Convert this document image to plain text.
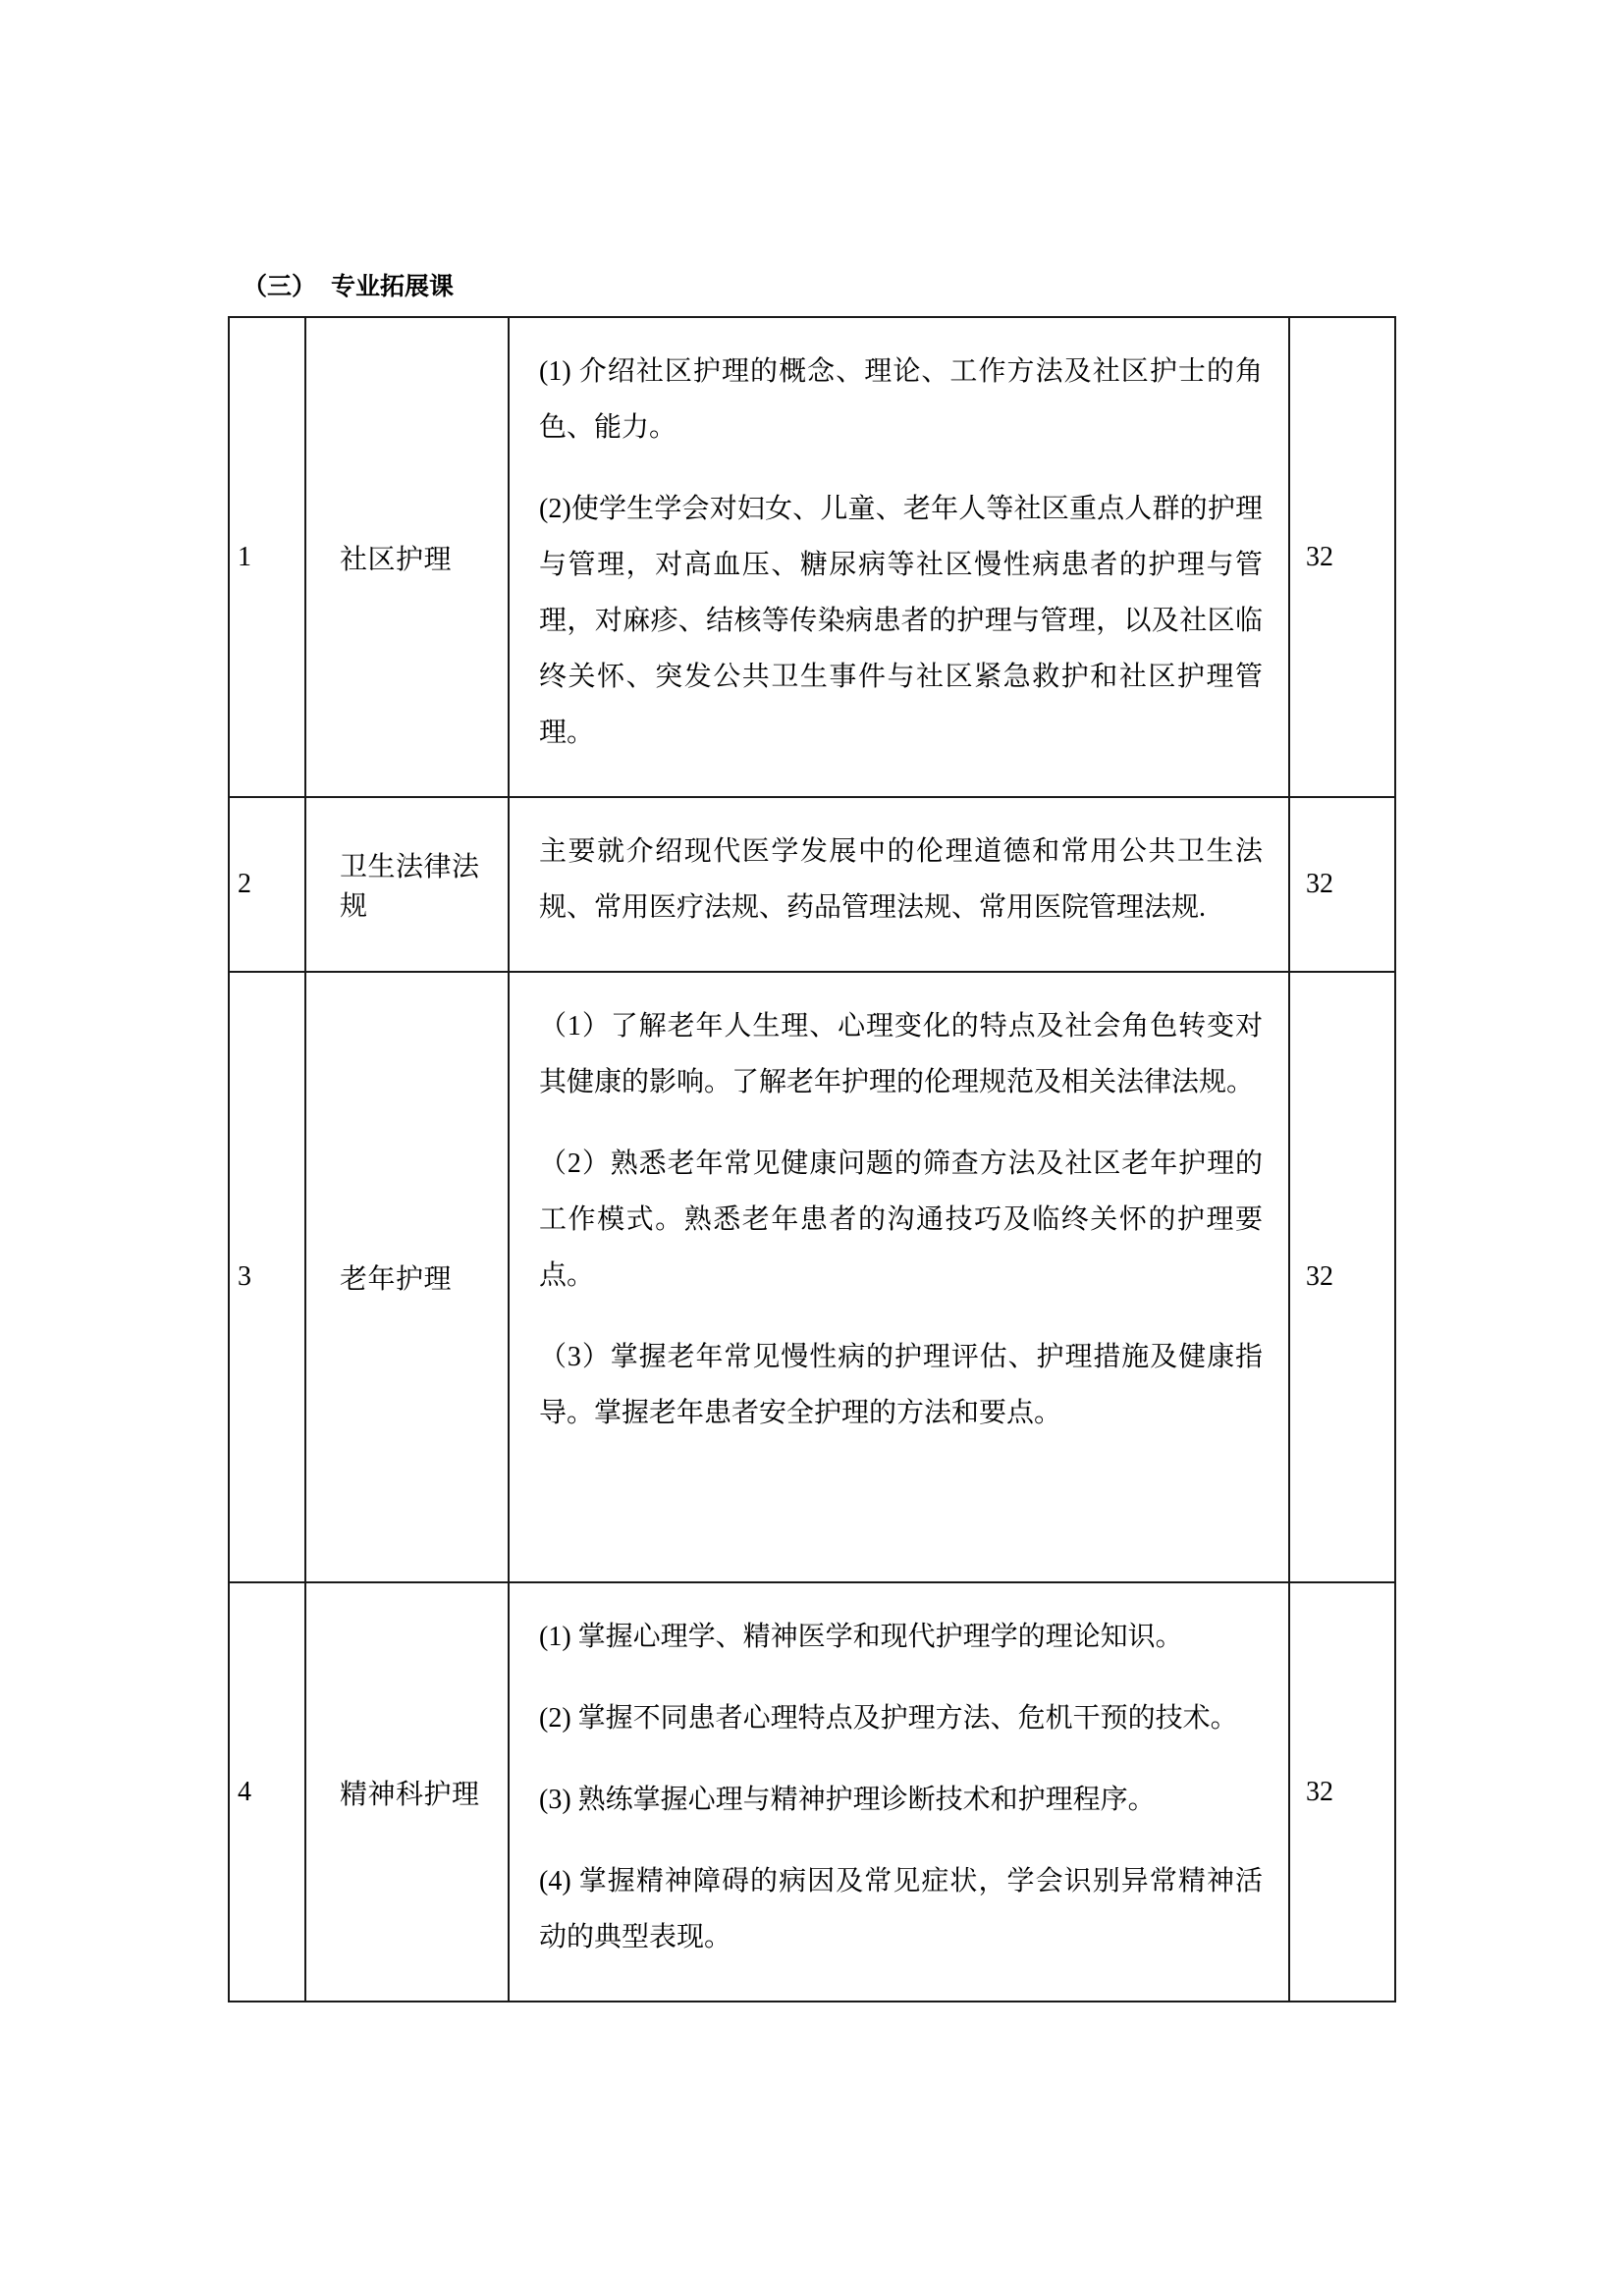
（三） 专业拓展课
1	社区护理	(1) 介绍社区护理的概念、理论、工作方法及社区护士的角色、能力。

(2)使学生学会对妇女、儿童、老年人等社区重点人群的护理与管理，对高血压、糖尿病等社区慢性病患者的护理与管理，对麻疹、结核等传染病患者的护理与管理，以及社区临终关怀、突发公共卫生事件与社区紧急救护和社区护理管理。	32
2	卫生法律法规	主要就介绍现代医学发展中的伦理道德和常用公共卫生法规、常用医疗法规、药品管理法规、常用医院管理法规.	32
3	老年护理	（1）了解老年人生理、心理变化的特点及社会角色转变对其健康的影响。了解老年护理的伦理规范及相关法律法规。

（2）熟悉老年常见健康问题的筛查方法及社区老年护理的工作模式。熟悉老年患者的沟通技巧及临终关怀的护理要点。

（3）掌握老年常见慢性病的护理评估、护理措施及健康指导。掌握老年患者安全护理的方法和要点。	32
4	精神科护理	(1) 掌握心理学、精神医学和现代护理学的理论知识。

(2) 掌握不同患者心理特点及护理方法、危机干预的技术。

(3) 熟练掌握心理与精神护理诊断技术和护理程序。

(4) 掌握精神障碍的病因及常见症状，学会识别异常精神活动的典型表现。	32
